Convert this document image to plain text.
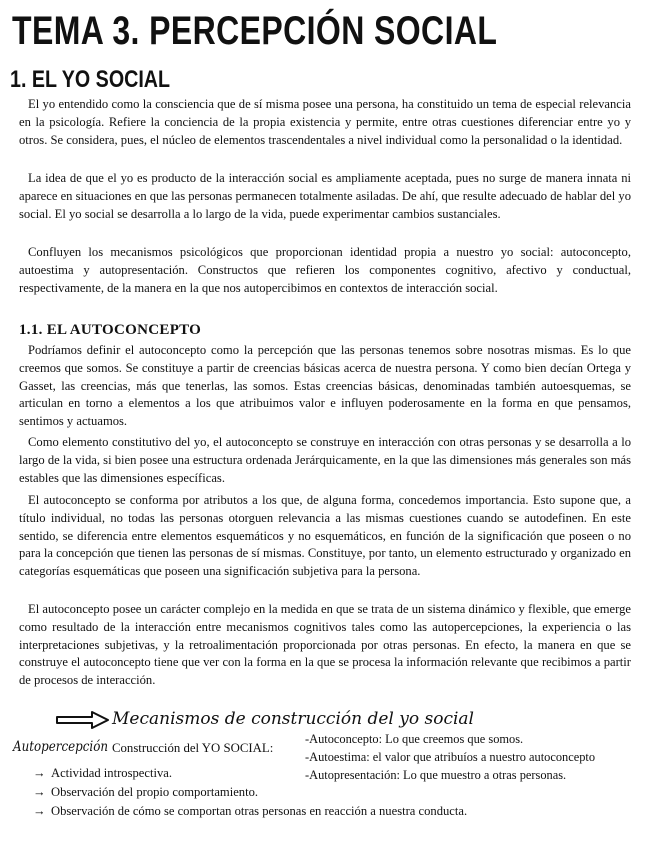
TEMA 3. PERCEPCIÓN SOCIAL
1. EL YO SOCIAL

El yo entendido como la consciencia que de sí misma posee una persona, ha constituido un tema de especial relevancia en la psicología. Refiere la conciencia de la propia existencia y permite, entre otras cuestiones diferenciar entre yo y otros. Se considera, pues, el núcleo de elementos trascendentales a nivel individual como la personalidad o la identidad.

La idea de que el yo es producto de la interacción social es ampliamente aceptada, pues no surge de manera innata ni aparece en situaciones en que las personas permanecen totalmente asiladas. De ahí, que resulte adecuado de hablar del yo social. El yo social se desarrolla a lo largo de la vida, puede experimentar cambios sustanciales.

Confluyen los mecanismos psicológicos que proporcionan identidad propia a nuestro yo social: autoconcepto, autoestima y autopresentación. Constructos que refieren los componentes cognitivo, afectivo y conductual, respectivamente, de la manera en la que nos autopercibimos en contextos de interacción social.

1.1. EL AUTOCONCEPTO

Podríamos definir el autoconcepto como la percepción que las personas tenemos sobre nosotras mismas. Es lo que creemos que somos. Se constituye a partir de creencias básicas acerca de nuestra persona. Y como bien decían Ortega y Gasset, las creencias, más que tenerlas, las somos. Estas creencias básicas, denominadas también autoesquemas, se articulan en torno a elementos a los que atribuimos valor e influyen poderosamente en la forma en que pensamos, sentimos y actuamos.

Como elemento constitutivo del yo, el autoconcepto se construye en interacción con otras personas y se desarrolla a lo largo de la vida, si bien posee una estructura ordenada Jerárquicamente, en la que las dimensiones más generales son más estables que las dimensiones específicas.

El autoconcepto se conforma por atributos a los que, de alguna forma, concedemos importancia. Esto supone que, a título individual, no todas las personas otorguen relevancia a las mismas cuestiones cuando se autodefinen. En este sentido, se diferencia entre elementos esquemáticos y no esquemáticos, en función de la significación que poseen o no para la concepción que tienen las personas de sí mismas. Constituye, por tanto, un elemento estructurado y organizado en categorías esquemáticas que poseen una significación subjetiva para la persona.

El autoconcepto posee un carácter complejo en la medida en que se trata de un sistema dinámico y flexible, que emerge como resultado de la interacción entre mecanismos cognitivos tales como las autopercepciones, la experiencia o las interpretaciones subjetivas, y la retroalimentación proporcionada por otras personas. En efecto, la manera en que se construye el autoconcepto tiene que ver con la forma en la que se procesa la información relevante que recibimos a partir de procesos de interacción.

Mecanismos de construcción del yo social
Autopercepción Construcción del YO SOCIAL:
-Autoconcepto: Lo que creemos que somos.
-Autoestima: el valor que atribuíos a nuestro autoconcepto
-Autopresentación: Lo que muestro a otras personas.
→ Actividad introspectiva.
→ Observación del propio comportamiento.
→ Observación de cómo se comportan otras personas en reacción a nuestra conducta.
